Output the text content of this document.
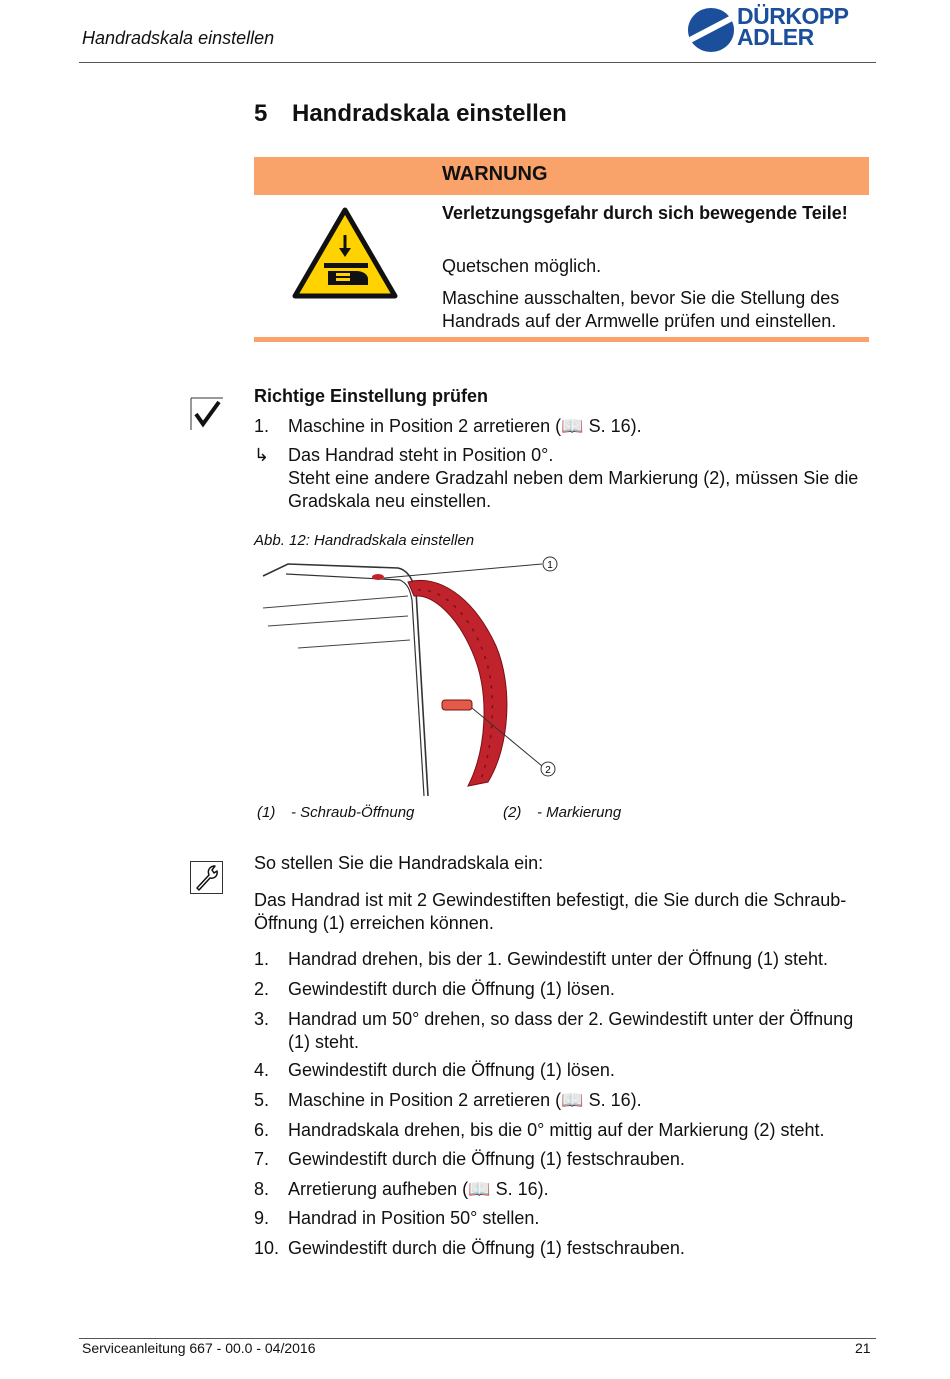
Handradskala einstellen
DÜRKOPP
ADLER
5 Handradskala einstellen
WARNUNG
Verletzungsgefahr durch sich bewegende Teile!
Quetschen möglich.
Maschine ausschalten, bevor Sie die Stellung des Handrads auf der Armwelle prüfen und einstellen.
Richtige Einstellung prüfen
1. Maschine in Position 2 arretieren (📖 S. 16).
↳ Das Handrad steht in Position 0°.
Steht eine andere Gradzahl neben dem Markierung (2), müssen Sie die Gradskala neu einstellen.
Abb. 12: Handradskala einstellen
1
2
(1) - Schraub-Öffnung	(2) - Markierung
So stellen Sie die Handradskala ein:
Das Handrad ist mit 2 Gewindestiften befestigt, die Sie durch die Schraub-Öffnung (1) erreichen können.
1. Handrad drehen, bis der 1. Gewindestift unter der Öffnung (1) steht.
2. Gewindestift durch die Öffnung (1) lösen.
3. Handrad um 50° drehen, so dass der 2. Gewindestift unter der Öffnung (1) steht.
4. Gewindestift durch die Öffnung (1) lösen.
5. Maschine in Position 2 arretieren (📖 S. 16).
6. Handradskala drehen, bis die 0° mittig auf der Markierung (2) steht.
7. Gewindestift durch die Öffnung (1) festschrauben.
8. Arretierung aufheben (📖 S. 16).
9. Handrad in Position 50° stellen.
10. Gewindestift durch die Öffnung (1) festschrauben.
Serviceanleitung 667 - 00.0 - 04/2016	21
